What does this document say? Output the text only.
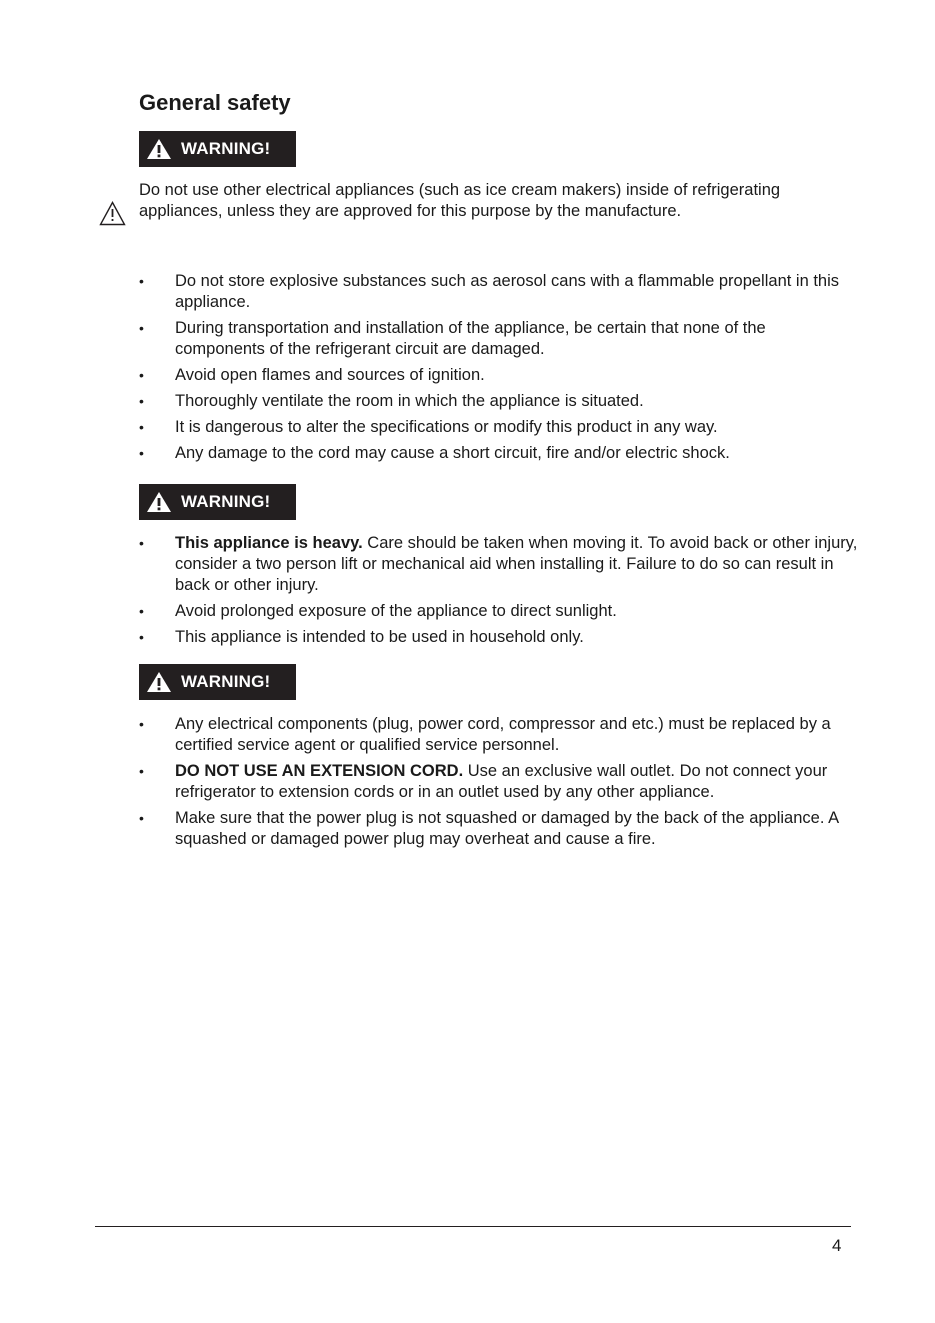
General safety
WARNING!

Do not use other electrical appliances (such as ice cream makers) inside of refrigerating appliances, unless they are approved for this purpose by the manufacture.

• Do not store explosive substances such as aerosol cans with a flammable propellant in this appliance.
• During transportation and installation of the appliance, be certain that none of the components of the refrigerant circuit are damaged.
• Avoid open flames and sources of ignition.
• Thoroughly ventilate the room in which the appliance is situated.
• It is dangerous to alter the specifications or modify this product in any way.
• Any damage to the cord may cause a short circuit, fire and/or electric shock.
WARNING!
• This appliance is heavy. Care should be taken when moving it. To avoid back or other injury, consider a two person lift or mechanical aid when installing it. Failure to do so can result in back or other injury.
• Avoid prolonged exposure of the appliance to direct sunlight.
• This appliance is intended to be used in household only.
WARNING!
• Any electrical components (plug, power cord, compressor and etc.) must be replaced by a certified service agent or qualified service personnel.
• DO NOT USE AN EXTENSION CORD. Use an exclusive wall outlet. Do not connect your refrigerator to extension cords or in an outlet used by any other appliance.
• Make sure that the power plug is not squashed or damaged by the back of the appliance. A squashed or damaged power plug may overheat and cause a fire.
4
